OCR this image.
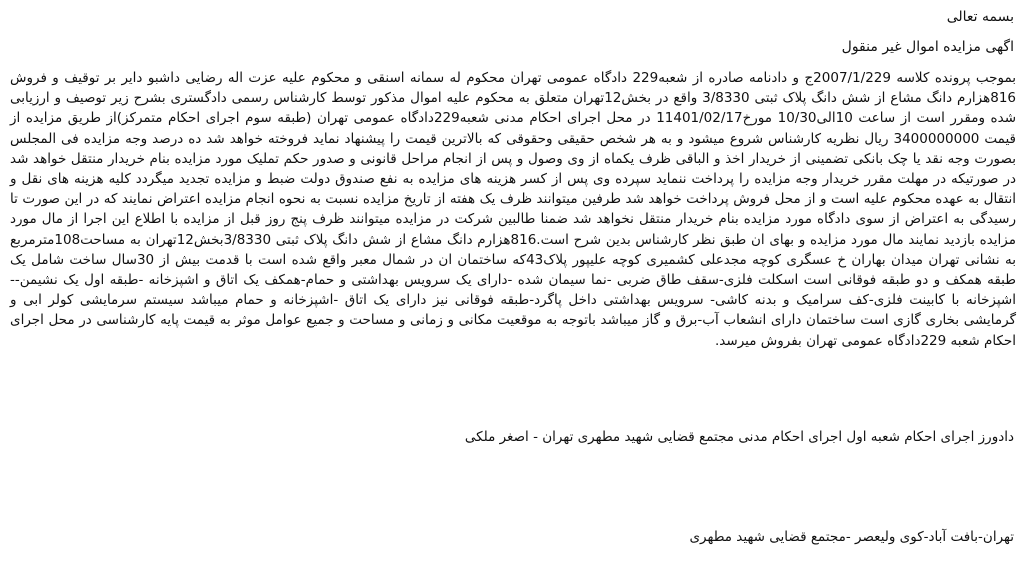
بسمه تعالی

اگهی مزایده اموال غیر منقول

بموجب پرونده کلاسه 2007/1/229ج و دادنامه صادره از شعبه229 دادگاه عمومی تهران محکوم له سمانه اسنقی و محکوم علیه عزت اله رضایی داشبو دایر بر توقیف و فروش 816هزارم دانگ مشاع از شش دانگ پلاک ثبتی 3/8330 واقع در بخش12تهران متعلق به محکوم علیه اموال مذکور توسط کارشناس رسمی دادگستری بشرح زیر توصیف و ارزیابی شده ومقرر است از ساعت 10الی10/30 مورخ11401/02/17 در محل اجرای احکام مدنی شعبه229دادگاه عمومی تهران (طبقه سوم اجرای احکام متمرکز)از طریق مزایده از قیمت 3400000000 ریال نظریه کارشناس شروع میشود و به هر شخص حقیقی وحقوقی که بالاترین قیمت را پیشنهاد نماید فروخته خواهد شد ده درصد وجه مزایده فی المجلس بصورت وجه نقد یا چک بانکی تضمینی از خریدار اخذ و الباقی ظرف یکماه از وی وصول و پس از انجام مراحل قانونی و صدور حکم تملیک مورد مزایده بنام خریدار منتقل خواهد شد در صورتیکه در مهلت مقرر خریدار وجه مزایده را پرداخت ننماید سپرده وی پس از کسر هزینه های مزایده به نفع صندوق دولت ضبط و مزایده تجدید میگردد کلیه هزینه های نقل و انتقال به عهده محکوم علیه است و از محل فروش پرداخت خواهد شد طرفین میتوانند ظرف یک هفته از تاریخ مزایده نسبت به نحوه انجام مزایده اعتراض نمایند که در این صورت تا رسیدگی به اعتراض از سوی دادگاه مورد مزایده بنام خریدار منتقل نخواهد شد ضمنا طالبین شرکت در مزایده میتوانند ظرف پنج روز قبل از مزایده با اطلاع این اجرا از مال مورد مزایده بازدید نمایند مال مورد مزایده و بهای ان طبق نظر کارشناس بدین شرح است.816هزارم دانگ مشاع از شش دانگ پلاک ثبتی 3/8330بخش12تهران به مساحت108مترمربع به نشانی تهران میدان بهاران خ عسگری کوچه مجدعلی کشمیری کوچه علیپور پلاک43که ساختمان ان در شمال معبر واقع شده است با قدمت بیش از 30سال ساخت شامل یک طبقه همکف و دو طبقه فوقانی است اسکلت فلزی-سقف طاق ضربی -نما سیمان شده -دارای یک سرویس بهداشتی و حمام-همکف یک اتاق و اشپزخانه -طبقه اول یک نشیمن-- اشپزخانه با کابینت فلزی-کف سرامیک و بدنه کاشی- سرویس بهداشتی داخل پاگرد-طبقه فوقانی نیز دارای یک اتاق -اشپزخانه و حمام میباشد سیستم سرمایشی کولر ابی و گرمایشی بخاری گازی است ساختمان دارای انشعاب آب-برق و گاز میباشد باتوجه به موقعیت مکانی و زمانی و مساحت و جمیع عوامل موثر به قیمت پایه کارشناسی در محل اجرای احکام شعبه 229دادگاه عمومی تهران بفروش میرسد.

دادورز اجرای احکام شعبه اول اجرای احکام مدنی مجتمع قضایی شهید مطهری تهران - اصغر ملکی

تهران-بافت آباد-کوی ولیعصر -مجتمع قضایی شهید مطهری
